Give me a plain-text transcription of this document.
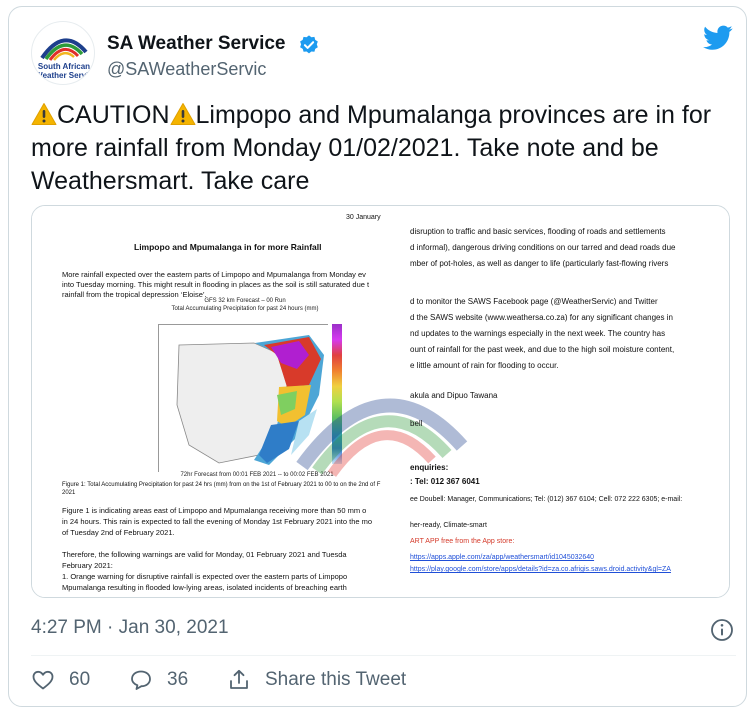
South African
Weather Servic
SA Weather Service
@SAWeatherServic
CAUTION Limpopo and Mpumalanga provinces are in for more rainfall from Monday 01/02/2021. Take note and be Weathersmart. Take care
30 January
Limpopo and Mpumalanga in for more Rainfall
More rainfall expected over the eastern parts of Limpopo and Mpumalanga from Monday ev
into Tuesday morning. This might result in flooding in places as the soil is still saturated due t
rainfall from the tropical depression ‘Eloise’.
GFS 32 km Forecast – 00 Run
Total Accumulating Precipitation for past 24 hours (mm)
72hr Forecast from 00:01 FEB 2021 -- to 00:02 FEB 2021
Figure 1: Total Accumulating Precipitation for past 24 hrs (mm) from on the 1st of February 2021 to 00 to on the 2nd of F
2021
Figure 1 is indicating areas east of Limpopo and Mpumalanga receiving more than 50 mm o
in 24 hours. This rain is expected to fall the evening of Monday 1st February 2021 into the mo
of Tuesday 2nd of February 2021.
Therefore, the following warnings are valid for Monday, 01 February 2021 and Tuesda
February 2021:
1. Orange warning for disruptive rainfall is expected over the eastern parts of Limpopo
Mpumalanga resulting in flooded low-lying areas, isolated incidents of breaching earth
disruption to traffic and basic services, flooding of roads and settlements
d informal), dangerous driving conditions on our tarred and dead roads due
mber of pot-holes, as well as danger to life (particularly fast-flowing rivers
d to monitor the SAWS Facebook page (@WeatherServic) and Twitter
d the SAWS website (www.weathersa.co.za) for any significant changes in
nd updates to the warnings especially in the next week. The country has
ount of rainfall for the past week, and due to the high soil moisture content,
e little amount of rain for flooding to occur.
akula and Dipuo Tawana
bell
enquiries:
: Tel: 012 367 6041
ee Doubell: Manager, Communications; Tel: (012) 367 6104; Cell: 072 222 6305; e-mail:
her-ready, Climate-smart
ART APP free from the App store:
https://apps.apple.com/za/app/weathersmart/id1045032640
https://play.google.com/store/apps/details?id=za.co.afrigis.saws.droid.activity&gl=ZA
4:27 PM · Jan 30, 2021
60	36	Share this Tweet
